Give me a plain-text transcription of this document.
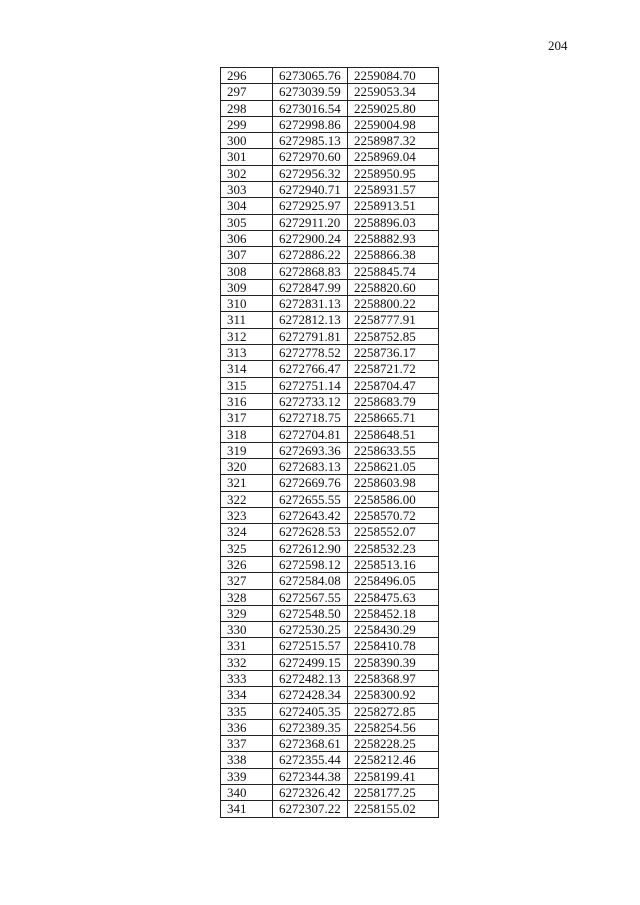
204
296	6273065.76	2259084.70
297	6273039.59	2259053.34
298	6273016.54	2259025.80
299	6272998.86	2259004.98
300	6272985.13	2258987.32
301	6272970.60	2258969.04
302	6272956.32	2258950.95
303	6272940.71	2258931.57
304	6272925.97	2258913.51
305	6272911.20	2258896.03
306	6272900.24	2258882.93
307	6272886.22	2258866.38
308	6272868.83	2258845.74
309	6272847.99	2258820.60
310	6272831.13	2258800.22
311	6272812.13	2258777.91
312	6272791.81	2258752.85
313	6272778.52	2258736.17
314	6272766.47	2258721.72
315	6272751.14	2258704.47
316	6272733.12	2258683.79
317	6272718.75	2258665.71
318	6272704.81	2258648.51
319	6272693.36	2258633.55
320	6272683.13	2258621.05
321	6272669.76	2258603.98
322	6272655.55	2258586.00
323	6272643.42	2258570.72
324	6272628.53	2258552.07
325	6272612.90	2258532.23
326	6272598.12	2258513.16
327	6272584.08	2258496.05
328	6272567.55	2258475.63
329	6272548.50	2258452.18
330	6272530.25	2258430.29
331	6272515.57	2258410.78
332	6272499.15	2258390.39
333	6272482.13	2258368.97
334	6272428.34	2258300.92
335	6272405.35	2258272.85
336	6272389.35	2258254.56
337	6272368.61	2258228.25
338	6272355.44	2258212.46
339	6272344.38	2258199.41
340	6272326.42	2258177.25
341	6272307.22	2258155.02
